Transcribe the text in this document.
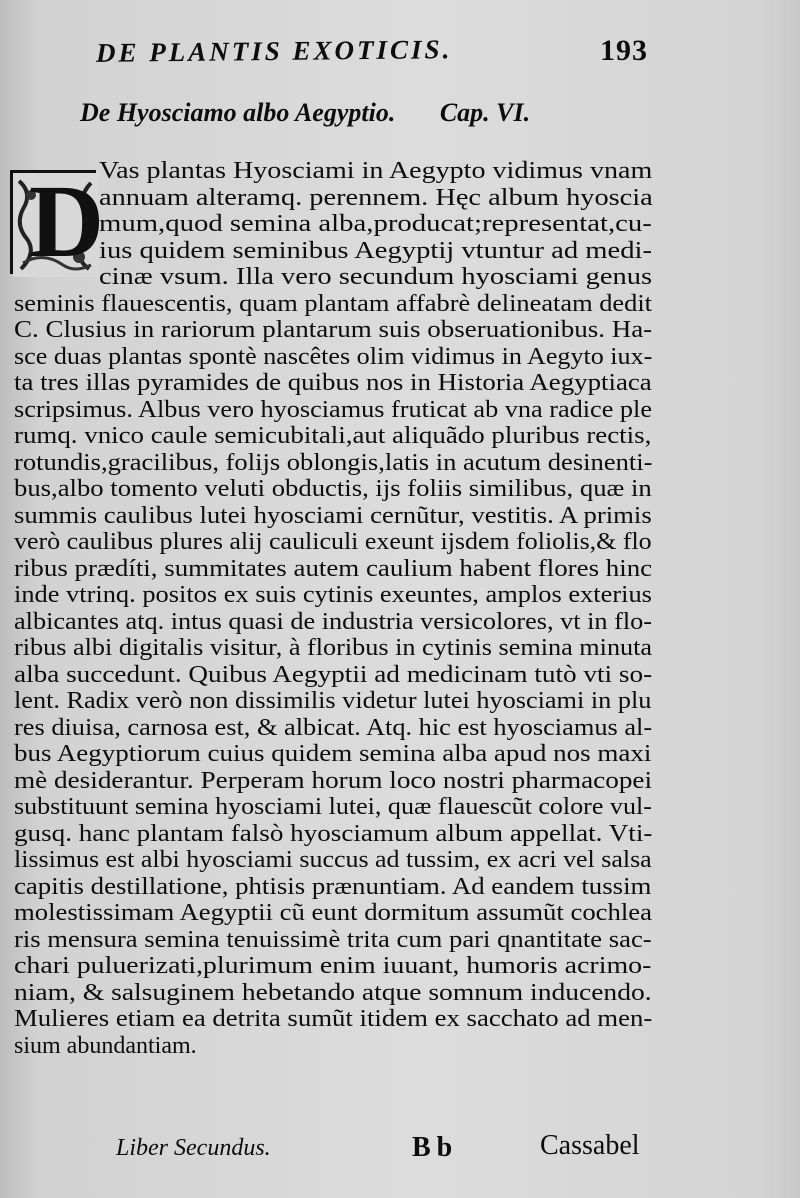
DE PLANTIS EXOTICIS.	193
De Hyosciamo albo Aegyptio. Cap. VI.
D
Vas plantas Hyosciami in Aegypto vidimus vnam
annuam alteramq. perennem. Hęc album hyoscia
mum,quod semina alba,producat;representat,cu-
ius quidem seminibus Aegyptij vtuntur ad medi-
cinæ vsum. Illa vero secundum hyosciami genus
seminis flauescentis, quam plantam affabrè delineatam dedit
C. Clusius in rariorum plantarum suis obseruationibus. Ha-
sce duas plantas spontè nascêtes olim vidimus in Aegyto iux-
ta tres illas pyramides de quibus nos in Historia Aegyptiaca
scripsimus. Albus vero hyosciamus fruticat ab vna radice ple
rumq. vnico caule semicubitali,aut aliquãdo pluribus rectis,
rotundis,gracilibus, folijs oblongis,latis in acutum desinenti-
bus,albo tomento veluti obductis, ijs foliis similibus, quæ in
summis caulibus lutei hyosciami cernũtur, vestitis. A primis
verò caulibus plures alij cauliculi exeunt ijsdem foliolis,& flo
ribus prædíti, summitates autem caulium habent flores hinc
inde vtrinq. positos ex suis cytinis exeuntes, amplos exterius
albicantes atq. intus quasi de industria versicolores, vt in flo-
ribus albi digitalis visitur, à floribus in cytinis semina minuta
alba succedunt. Quibus Aegyptii ad medicinam tutò vti so-
lent. Radix verò non dissimilis videtur lutei hyosciami in plu
res diuisa, carnosa est, & albicat. Atq. hic est hyosciamus al-
bus Aegyptiorum cuius quidem semina alba apud nos maxi
mè desiderantur. Perperam horum loco nostri pharmacopei
substituunt semina hyosciami lutei, quæ flauescũt colore vul-
gusq. hanc plantam falsò hyosciamum album appellat. Vti-
lissimus est albi hyosciami succus ad tussim, ex acri vel salsa
capitis destillatione, phtisis prænuntiam. Ad eandem tussim
molestissimam Aegyptii cũ eunt dormitum assumũt cochlea
ris mensura semina tenuissimè trita cum pari qnantitate sac-
chari puluerizati,plurimum enim iuuant, humoris acrimo-
niam, & salsuginem hebetando atque somnum inducendo.
Mulieres etiam ea detrita sumũt itidem ex sacchato ad men-
sium abundantiam.
Liber Secundus.	Bb	Cassabel
